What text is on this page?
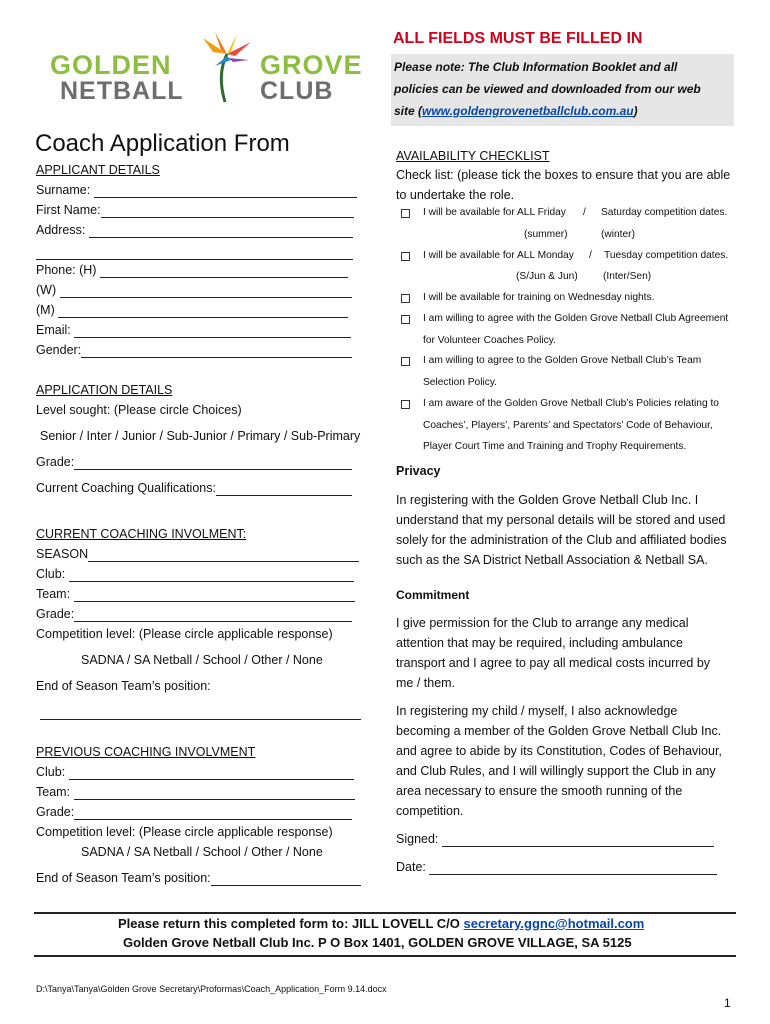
GOLDEN	GROVE
NETBALL	CLUB
ALL FIELDS MUST BE FILLED IN
Please note: The Club Information Booklet and all
policies can be viewed and downloaded from our web
site (www.goldengrovenetballclub.com.au)
Coach Application From
APPLICANT DETAILS
Surname:
First Name:
Address:
Phone: (H)
(W)
(M)
Email:
Gender:
APPLICATION DETAILS
Level sought: (Please circle Choices)
Senior / Inter / Junior / Sub-Junior / Primary / Sub-Primary
Grade:
Current Coaching Qualifications:
CURRENT COACHING INVOLMENT:
SEASON
Club:
Team:
Grade:
Competition level: (Please circle applicable response)
SADNA / SA Netball / School / Other / None
End of Season Team’s position:
PREVIOUS COACHING INVOLVMENT
Club:
Team:
Grade:
Competition level: (Please circle applicable response)
SADNA / SA Netball / School / Other / None
End of Season Team’s position:
AVAILABILITY CHECKLIST
Check list: (please tick the boxes to ensure that you are able
to undertake the role.
I will be available for ALL Friday / Saturday competition dates.
(summer)	(winter)
I will be available for ALL Monday / Tuesday competition dates.
(S/Jun & Jun) (Inter/Sen)
I will be available for training on Wednesday nights.
I am willing to agree with the Golden Grove Netball Club Agreement
for Volunteer Coaches Policy.
I am willing to agree to the Golden Grove Netball Club’s Team
Selection Policy.
I am aware of the Golden Grove Netball Club’s Policies relating to
Coaches’, Players’, Parents’ and Spectators’ Code of Behaviour,
Player Court Time and Training and Trophy Requirements.
Privacy
In registering with the Golden Grove Netball Club Inc. I
understand that my personal details will be stored and used
solely for the administration of the Club and affiliated bodies
such as the SA District Netball Association & Netball SA.
Commitment
I give permission for the Club to arrange any medical
attention that may be required, including ambulance
transport and I agree to pay all medical costs incurred by
me / them.
In registering my child / myself, I also acknowledge
becoming a member of the Golden Grove Netball Club Inc.
and agree to abide by its Constitution, Codes of Behaviour,
and Club Rules, and I will willingly support the Club in any
area necessary to ensure the smooth running of the
competition.
Signed:
Date:
Please return this completed form to: JILL LOVELL C/O secretary.ggnc@hotmail.com
Golden Grove Netball Club Inc. P O Box 1401, GOLDEN GROVE VILLAGE, SA 5125
D:\Tanya\Tanya\Golden Grove Secretary\Proformas\Coach_Application_Form 9.14.docx
1
